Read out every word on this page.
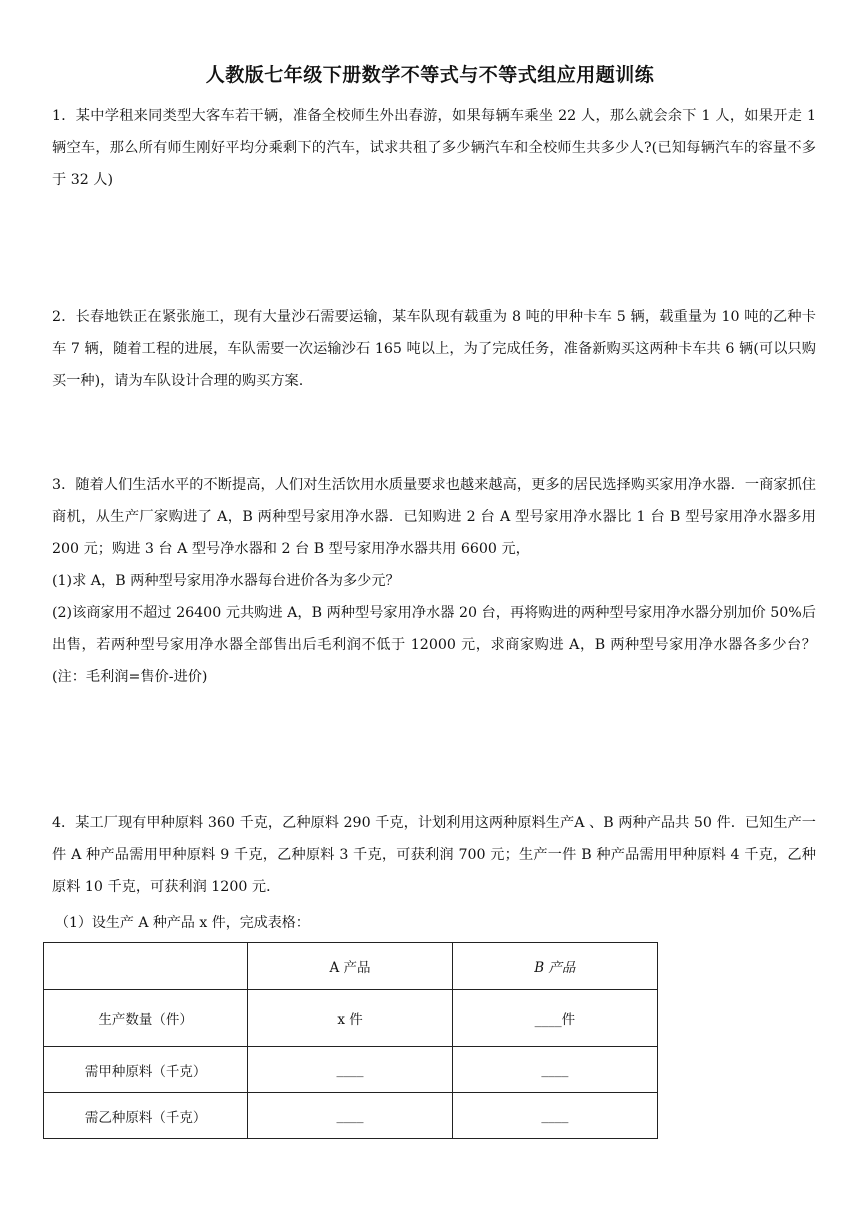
人教版七年级下册数学不等式与不等式组应用题训练

1．某中学租来同类型大客车若干辆，准备全校师生外出春游，如果每辆车乘坐 22 人，那么就会余下 1 人，如果开走 1 辆空车，那么所有师生刚好平均分乘剩下的汽车，试求共租了多少辆汽车和全校师生共多少人?(已知每辆汽车的容量不多于 32 人)

2．长春地铁正在紧张施工，现有大量沙石需要运输，某车队现有载重为 8 吨的甲种卡车 5 辆，载重量为 10 吨的乙种卡车 7 辆，随着工程的进展，车队需要一次运输沙石 165 吨以上，为了完成任务，准备新购买这两种卡车共 6 辆(可以只购买一种)，请为车队设计合理的购买方案.

3．随着人们生活水平的不断提高，人们对生活饮用水质量要求也越来越高，更多的居民选择购买家用净水器．一商家抓住商机，从生产厂家购进了 A，B 两种型号家用净水器．已知购进 2 台 A 型号家用净水器比 1 台 B 型号家用净水器多用 200 元；购进 3 台 A 型号净水器和 2 台 B 型号家用净水器共用 6600 元，

(1)求 A，B 两种型号家用净水器每台进价各为多少元？

(2)该商家用不超过 26400 元共购进 A，B 两种型号家用净水器 20 台，再将购进的两种型号家用净水器分别加价 50%后出售，若两种型号家用净水器全部售出后毛利润不低于 12000 元，求商家购进 A，B 两种型号家用净水器各多少台？(注：毛利润=售价-进价)

4．某工厂现有甲种原料 360 千克，乙种原料 290 千克，计划利用这两种原料生产A 、B 两种产品共 50 件．已知生产一件 A 种产品需用甲种原料 9 千克，乙种原料 3 千克，可获利润 700 元；生产一件 B 种产品需用甲种原料 4 千克，乙种原料 10 千克，可获利润 1200 元．

（1）设生产 A 种产品 x 件，完成表格：
	A 产品	B 产品
生产数量（件）	x 件	____件
需甲种原料（千克）	____	____
需乙种原料（千克）	____	____
